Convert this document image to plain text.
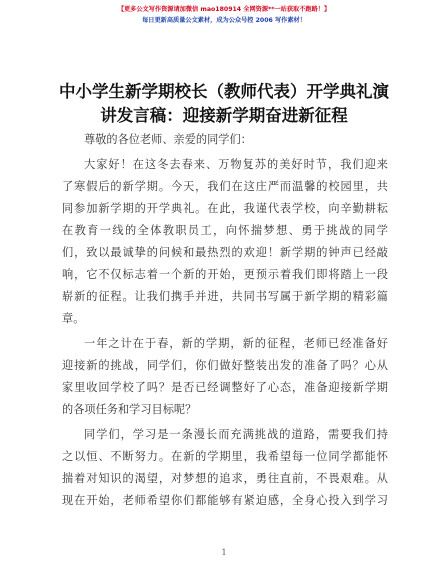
【更多公文写作资源请加微信 mao180914 全网资源**一站获取不跑路！】
每日更新高质量公文素材，成为公众号控 2006 写作素材！
中小学生新学期校长（教师代表）开学典礼演
讲发言稿：迎接新学期奋进新征程

尊敬的各位老师、亲爱的同学们：

大家好！在这冬去春来、万物复苏的美好时节，我们迎来
了寒假后的新学期。今天，我们在这庄严而温馨的校园里，共
同参加新学期的开学典礼。在此，我谨代表学校，向辛勤耕耘
在教育一线的全体教职员工，向怀揣梦想、勇于挑战的同学
们，致以最诚挚的问候和最热烈的欢迎！新学期的钟声已经敲
响，它不仅标志着一个新的开始，更预示着我们即将踏上一段
崭新的征程。让我们携手并进，共同书写属于新学期的精彩篇
章。

一年之计在于春，新的学期，新的征程，老师已经准备好
迎接新的挑战，同学们，你们做好整装出发的准备了吗？心从
家里收回学校了吗？是否已经调整好了心态，准备迎接新学期
的各项任务和学习目标呢？

同学们，学习是一条漫长而充满挑战的道路，需要我们持
之以恒、不断努力。在新的学期里，我希望每一位同学都能怀
揣着对知识的渴望，对梦想的追求，勇往直前，不畏艰难。从
现在开始，老师希望你们都能够有紧迫感，全身心投入到学习

1
